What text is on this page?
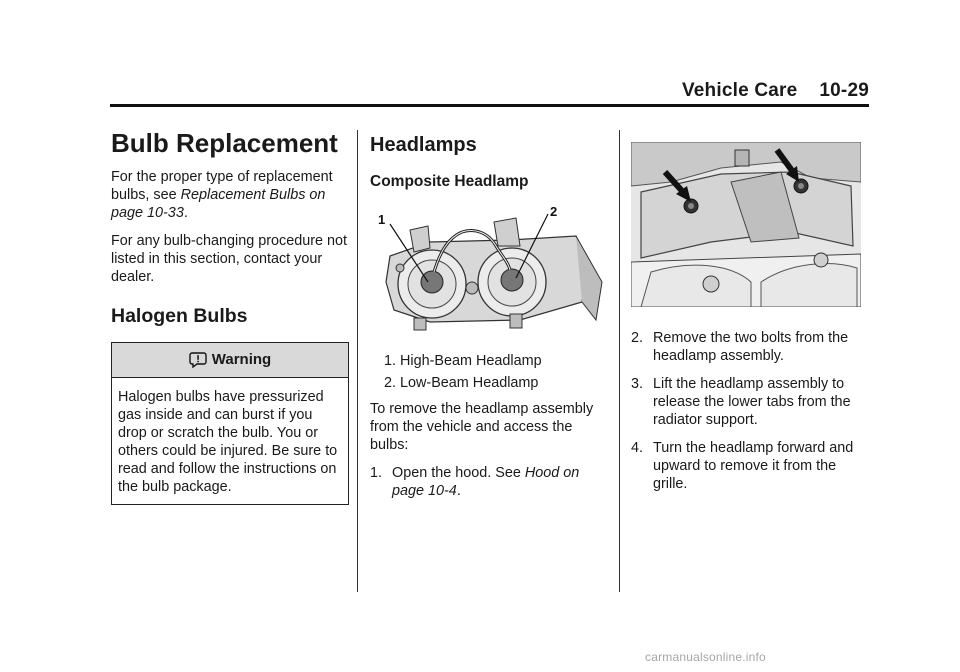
Vehicle Care 10-29
Bulb Replacement

For the proper type of replacement bulbs, see Replacement Bulbs on page 10-33.

For any bulb-changing procedure not listed in this section, contact your dealer.

Halogen Bulbs
Warning
Halogen bulbs have pressurized gas inside and can burst if you drop or scratch the bulb. You or others could be injured. Be sure to read and follow the instructions on the bulb package.
Headlamps
Composite Headlamp
1
2
1. High-Beam Headlamp
2. Low-Beam Headlamp

To remove the headlamp assembly from the vehicle and access the bulbs:

1. Open the hood. See Hood on page 10-4.
2. Remove the two bolts from the headlamp assembly.
3. Lift the headlamp assembly to release the lower tabs from the radiator support.
4. Turn the headlamp forward and upward to remove it from the grille.
carmanualsonline.info
